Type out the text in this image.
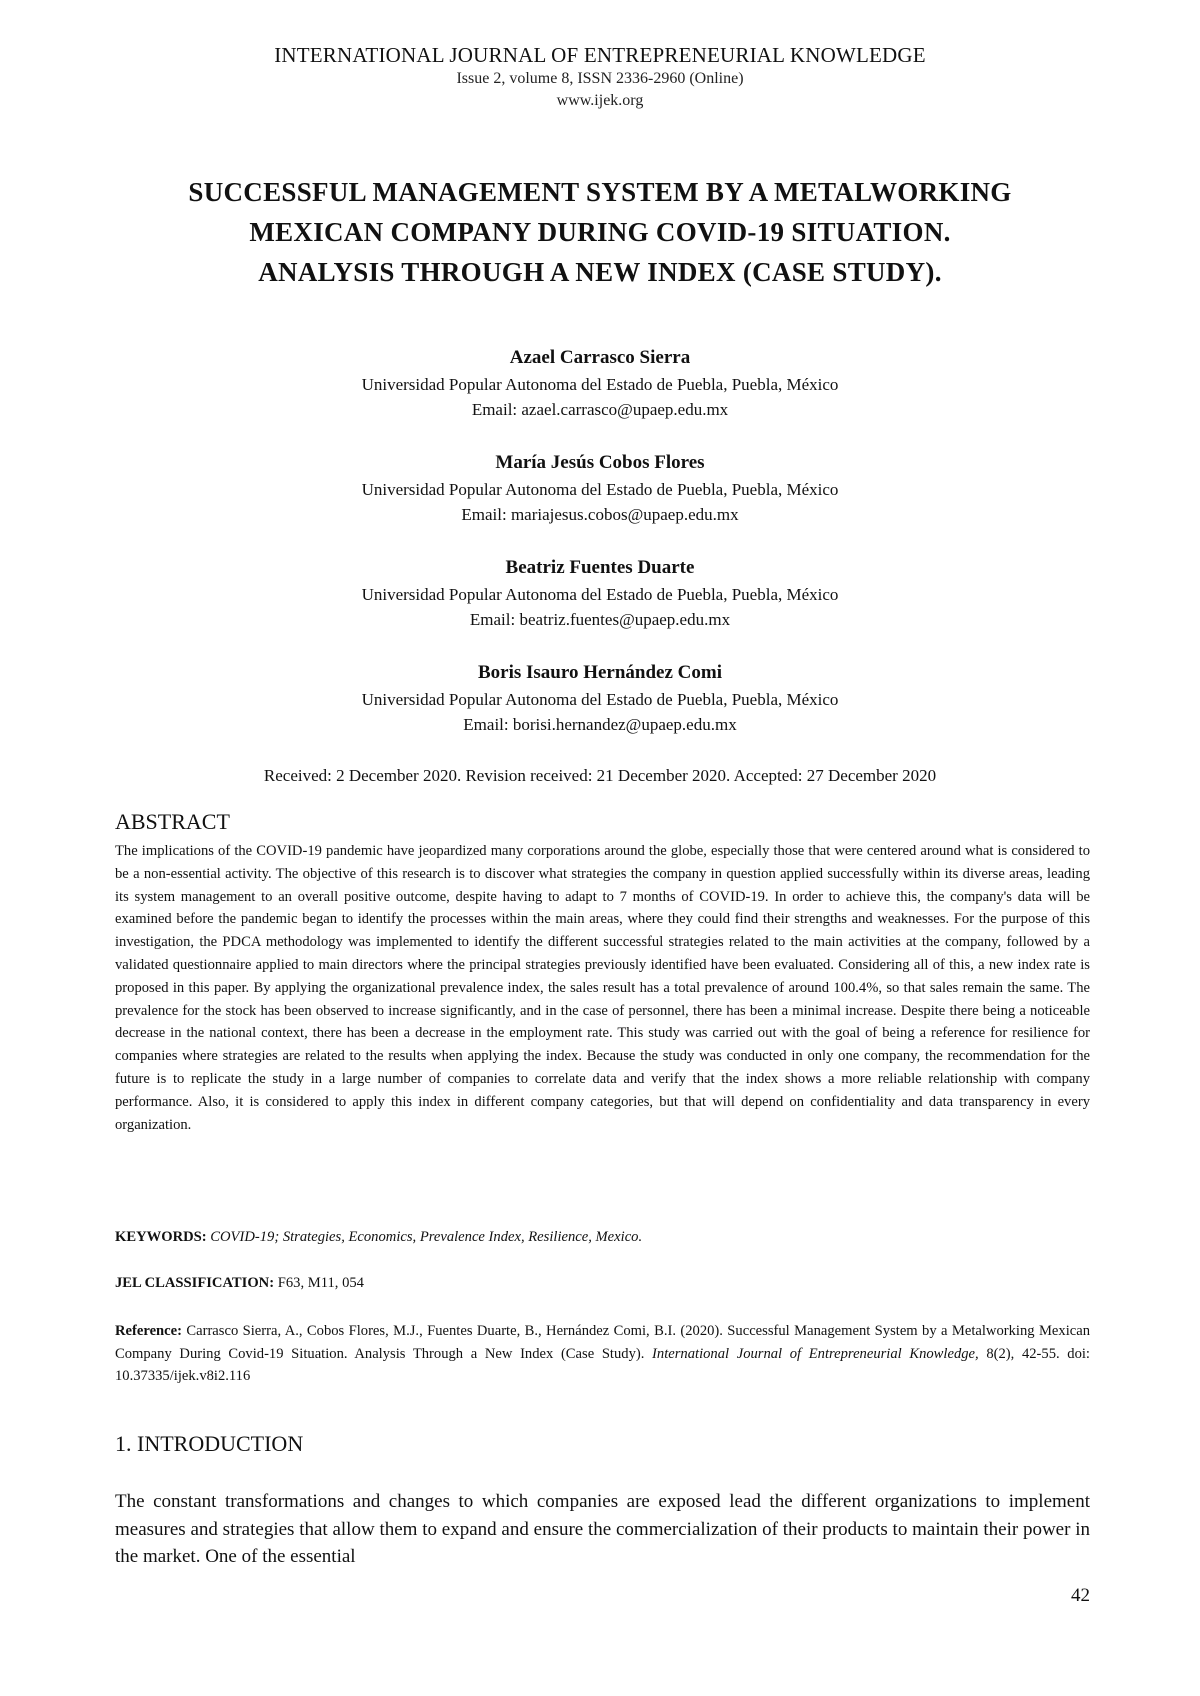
INTERNATIONAL JOURNAL OF ENTREPRENEURIAL KNOWLEDGE
Issue 2, volume 8, ISSN 2336-2960 (Online)
www.ijek.org
SUCCESSFUL MANAGEMENT SYSTEM BY A METALWORKING
MEXICAN COMPANY DURING COVID-19 SITUATION.
ANALYSIS THROUGH A NEW INDEX (CASE STUDY).
Azael Carrasco Sierra
Universidad Popular Autonoma del Estado de Puebla, Puebla, México
Email: azael.carrasco@upaep.edu.mx
María Jesús Cobos Flores
Universidad Popular Autonoma del Estado de Puebla, Puebla, México
Email: mariajesus.cobos@upaep.edu.mx
Beatriz Fuentes Duarte
Universidad Popular Autonoma del Estado de Puebla, Puebla, México
Email: beatriz.fuentes@upaep.edu.mx
Boris Isauro Hernández Comi
Universidad Popular Autonoma del Estado de Puebla, Puebla, México
Email: borisi.hernandez@upaep.edu.mx
Received: 2 December 2020. Revision received: 21 December 2020. Accepted: 27 December 2020
ABSTRACT
The implications of the COVID-19 pandemic have jeopardized many corporations around the globe, especially those that were centered around what is considered to be a non-essential activity. The objective of this research is to discover what strategies the company in question applied successfully within its diverse areas, leading its system management to an overall positive outcome, despite having to adapt to 7 months of COVID-19. In order to achieve this, the company's data will be examined before the pandemic began to identify the processes within the main areas, where they could find their strengths and weaknesses. For the purpose of this investigation, the PDCA methodology was implemented to identify the different successful strategies related to the main activities at the company, followed by a validated questionnaire applied to main directors where the principal strategies previously identified have been evaluated. Considering all of this, a new index rate is proposed in this paper. By applying the organizational prevalence index, the sales result has a total prevalence of around 100.4%, so that sales remain the same. The prevalence for the stock has been observed to increase significantly, and in the case of personnel, there has been a minimal increase. Despite there being a noticeable decrease in the national context, there has been a decrease in the employment rate. This study was carried out with the goal of being a reference for resilience for companies where strategies are related to the results when applying the index. Because the study was conducted in only one company, the recommendation for the future is to replicate the study in a large number of companies to correlate data and verify that the index shows a more reliable relationship with company performance. Also, it is considered to apply this index in different company categories, but that will depend on confidentiality and data transparency in every organization.
KEYWORDS: COVID-19; Strategies, Economics, Prevalence Index, Resilience, Mexico.
JEL CLASSIFICATION: F63, M11, 054
Reference: Carrasco Sierra, A., Cobos Flores, M.J., Fuentes Duarte, B., Hernández Comi, B.I. (2020). Successful Management System by a Metalworking Mexican Company During Covid-19 Situation. Analysis Through a New Index (Case Study). International Journal of Entrepreneurial Knowledge, 8(2), 42-55. doi: 10.37335/ijek.v8i2.116
1. INTRODUCTION
The constant transformations and changes to which companies are exposed lead the different organizations to implement measures and strategies that allow them to expand and ensure the commercialization of their products to maintain their power in the market. One of the essential
42
